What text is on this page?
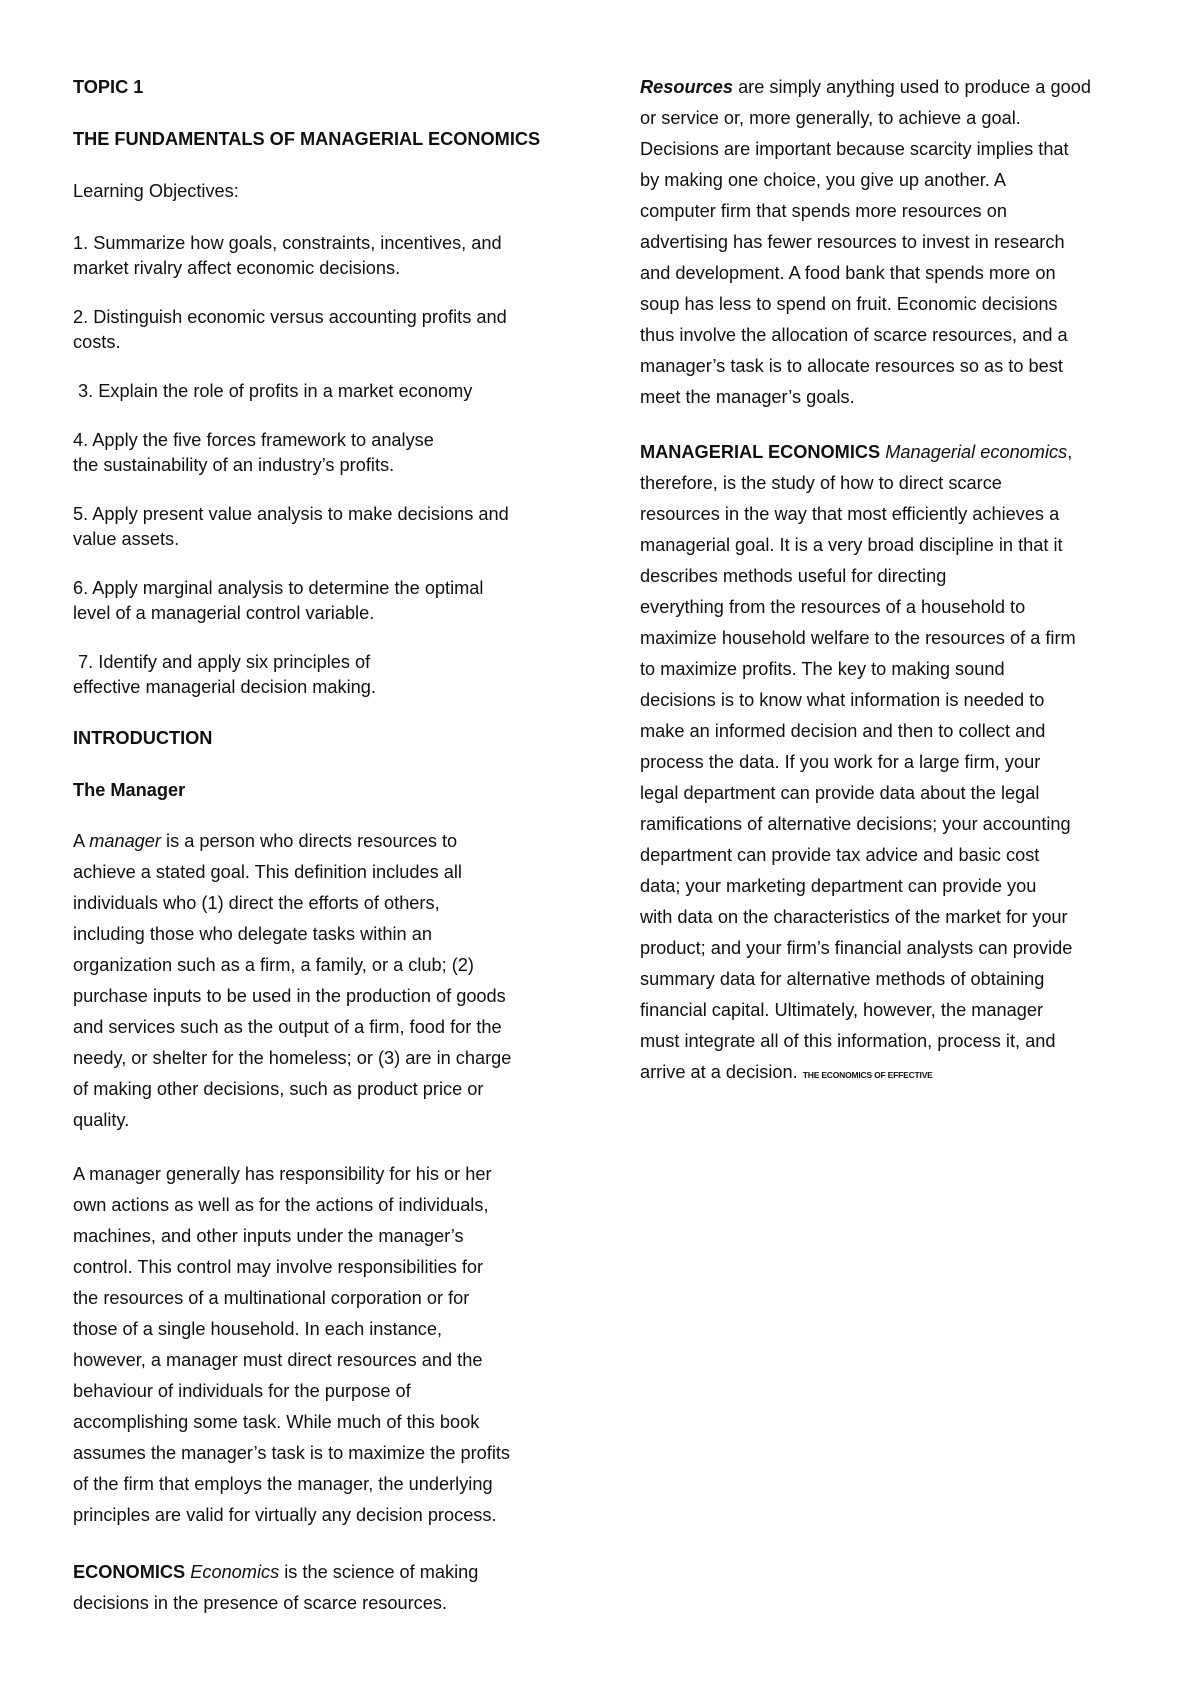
TOPIC 1
THE FUNDAMENTALS OF MANAGERIAL ECONOMICS
Learning Objectives:
1. Summarize how goals, constraints, incentives, and
market rivalry affect economic decisions.
2. Distinguish economic versus accounting profits and
costs.
3. Explain the role of profits in a market economy
4. Apply the five forces framework to analyse
the sustainability of an industry’s profits.
5. Apply present value analysis to make decisions and
value assets.
6. Apply marginal analysis to determine the optimal
level of a managerial control variable.
7. Identify and apply six principles of
effective managerial decision making.
INTRODUCTION
The Manager
A manager is a person who directs resources to
achieve a stated goal. This definition includes all
individuals who (1) direct the efforts of others,
including those who delegate tasks within an
organization such as a firm, a family, or a club; (2)
purchase inputs to be used in the production of goods
and services such as the output of a firm, food for the
needy, or shelter for the homeless; or (3) are in charge
of making other decisions, such as product price or
quality.
A manager generally has responsibility for his or her
own actions as well as for the actions of individuals,
machines, and other inputs under the manager’s
control. This control may involve responsibilities for
the resources of a multinational corporation or for
those of a single household. In each instance,
however, a manager must direct resources and the
behaviour of individuals for the purpose of
accomplishing some task. While much of this book
assumes the manager’s task is to maximize the profits
of the firm that employs the manager, the underlying
principles are valid for virtually any decision process.
ECONOMICS Economics is the science of making
decisions in the presence of scarce resources.
Resources are simply anything used to produce a good
or service or, more generally, to achieve a goal.
Decisions are important because scarcity implies that
by making one choice, you give up another. A
computer firm that spends more resources on
advertising has fewer resources to invest in research
and development. A food bank that spends more on
soup has less to spend on fruit. Economic decisions
thus involve the allocation of scarce resources, and a
manager’s task is to allocate resources so as to best
meet the manager’s goals.
MANAGERIAL ECONOMICS Managerial economics,
therefore, is the study of how to direct scarce
resources in the way that most efficiently achieves a
managerial goal. It is a very broad discipline in that it
describes methods useful for directing
everything from the resources of a household to
maximize household welfare to the resources of a firm
to maximize profits. The key to making sound
decisions is to know what information is needed to
make an informed decision and then to collect and
process the data. If you work for a large firm, your
legal department can provide data about the legal
ramifications of alternative decisions; your accounting
department can provide tax advice and basic cost
data; your marketing department can provide you
with data on the characteristics of the market for your
product; and your firm’s financial analysts can provide
summary data for alternative methods of obtaining
financial capital. Ultimately, however, the manager
must integrate all of this information, process it, and
arrive at a decision. THE ECONOMICS OF EFFECTIVE
